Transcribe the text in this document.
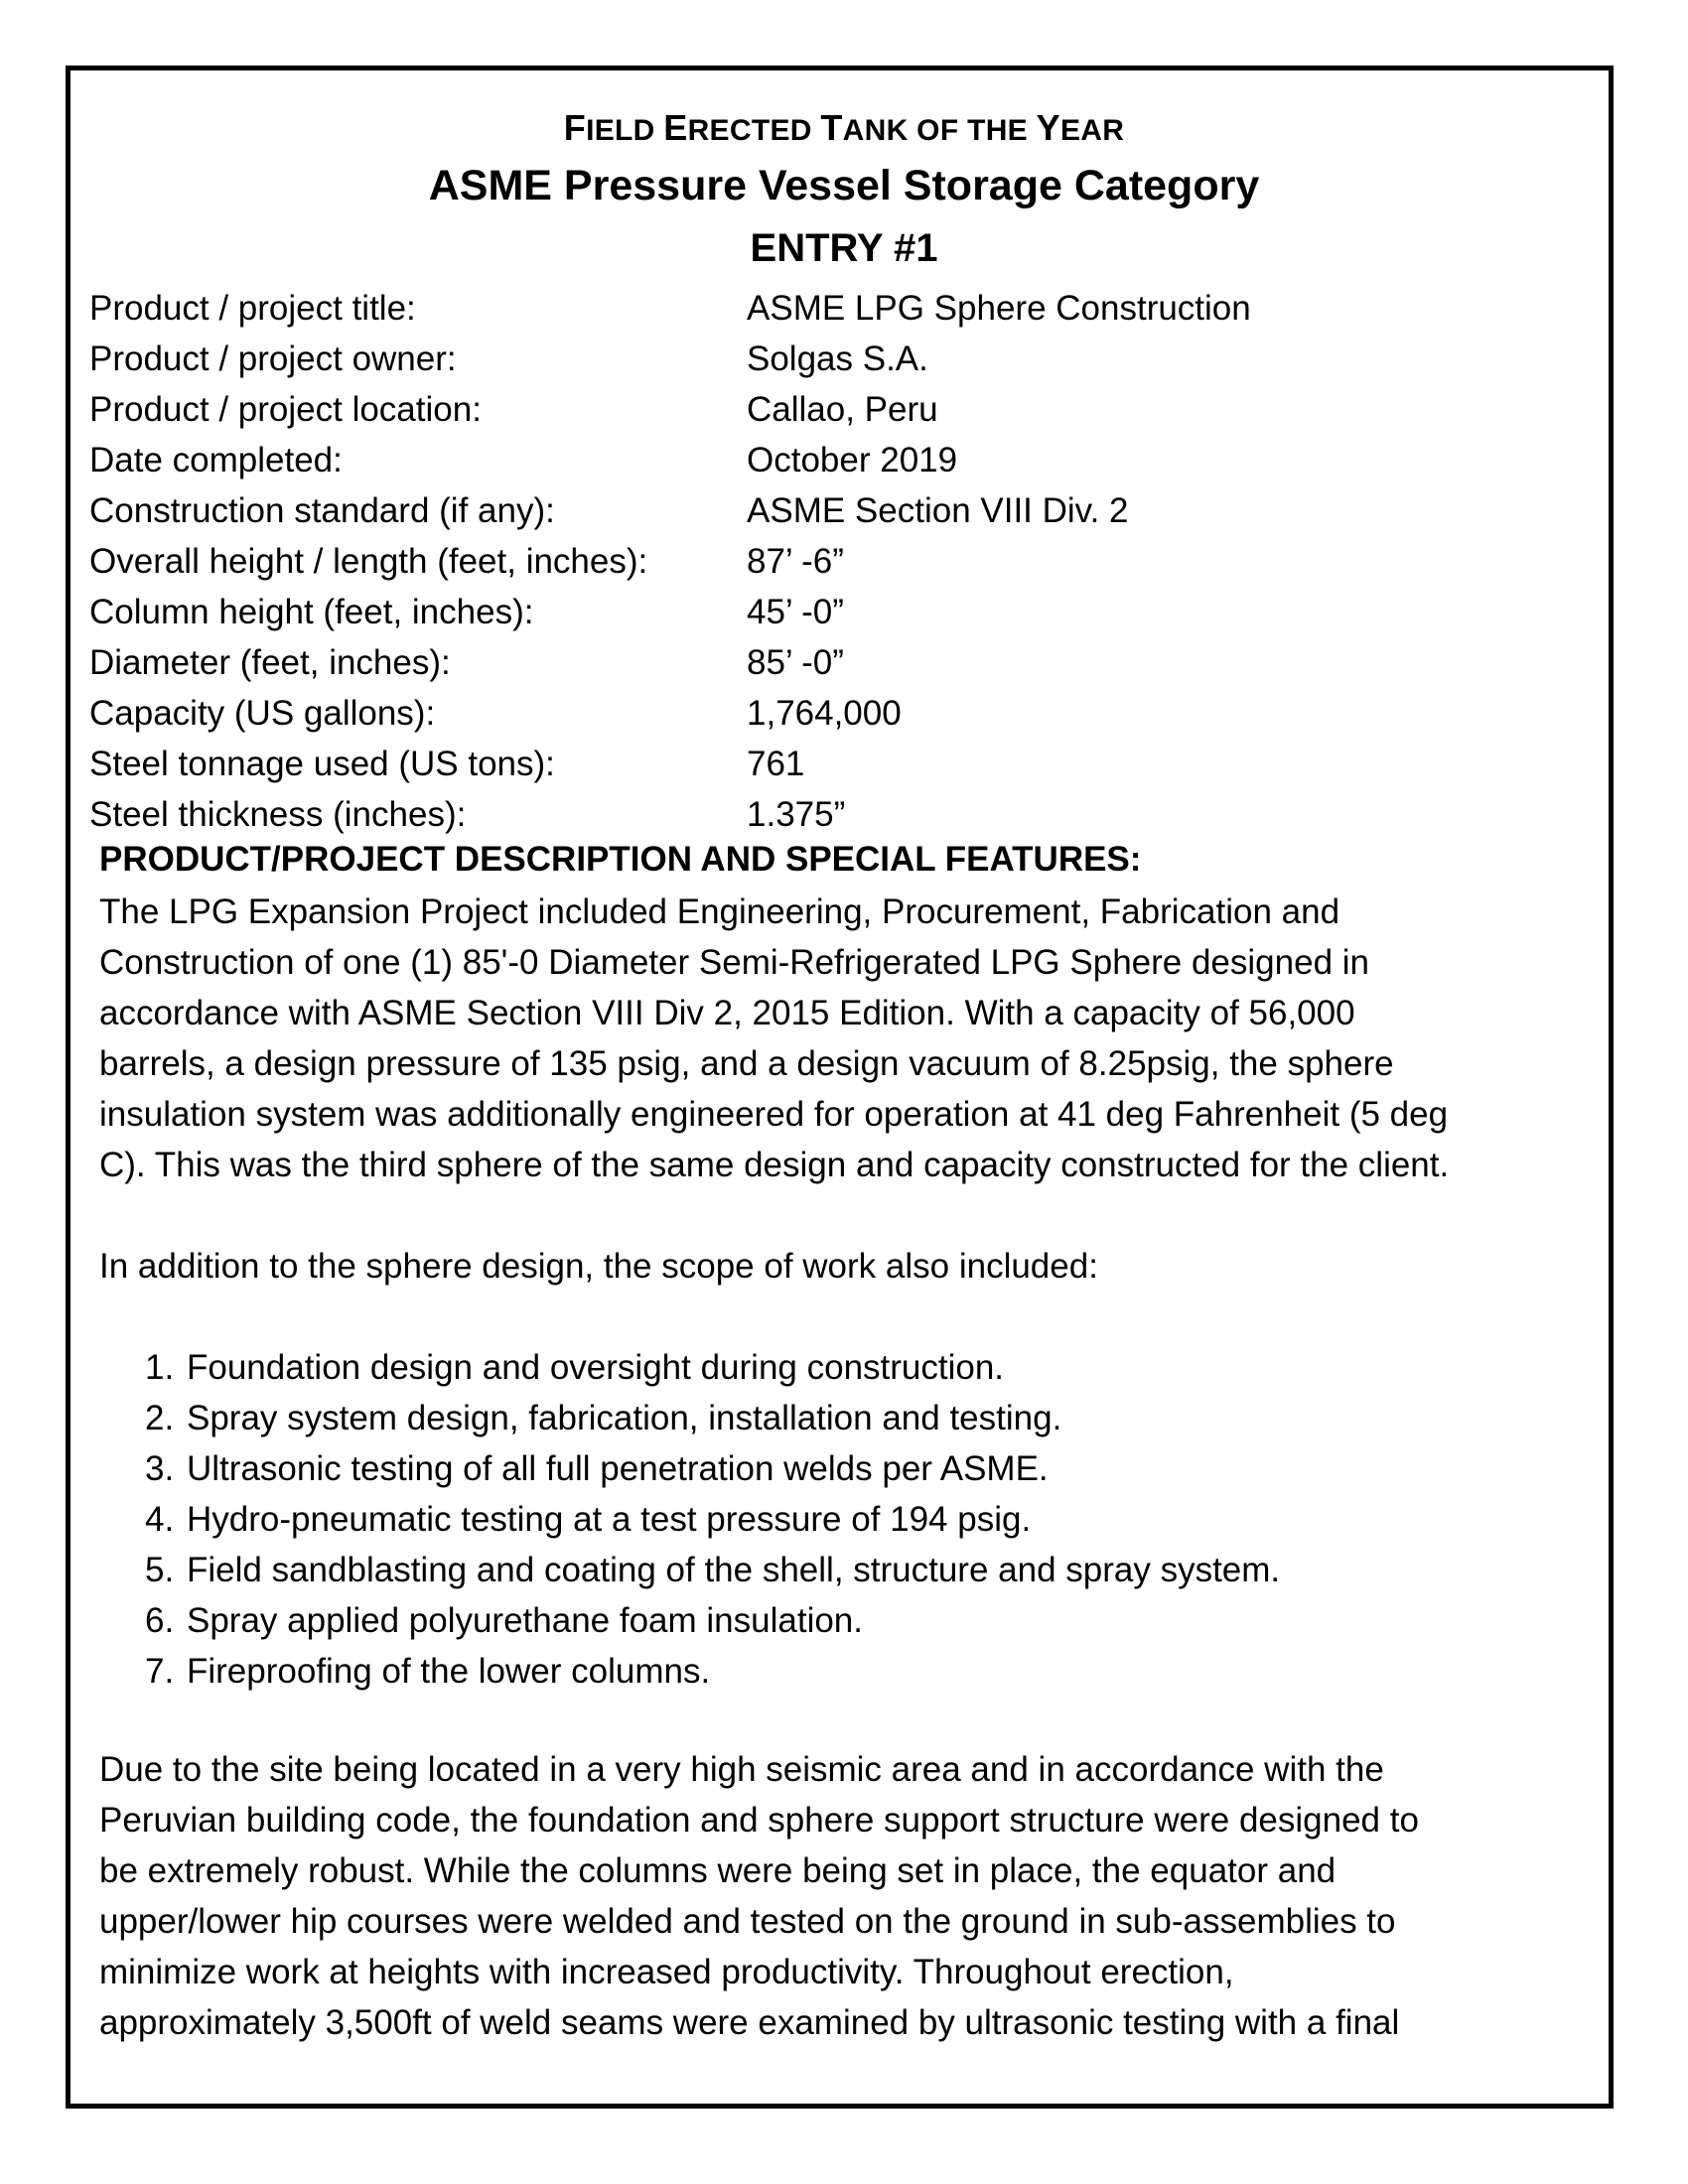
FIELD ERECTED TANK OF THE YEAR
ASME Pressure Vessel Storage Category
ENTRY #1
Product / project title:	ASME LPG Sphere Construction
Product / project owner:	Solgas S.A.
Product / project location:	Callao, Peru
Date completed:	October 2019
Construction standard (if any):	ASME Section VIII Div. 2
Overall height / length (feet, inches):	87’ -6”
Column height (feet, inches):	45’ -0”
Diameter (feet, inches):	85’ -0”
Capacity (US gallons):	1,764,000
Steel tonnage used (US tons):	761
Steel thickness (inches):	1.375”
PRODUCT/PROJECT DESCRIPTION AND SPECIAL FEATURES:
The LPG Expansion Project included Engineering, Procurement, Fabrication and
Construction of one (1) 85'-0 Diameter Semi-Refrigerated LPG Sphere designed in
accordance with ASME Section VIII Div 2, 2015 Edition. With a capacity of 56,000
barrels, a design pressure of 135 psig, and a design vacuum of 8.25psig, the sphere
insulation system was additionally engineered for operation at 41 deg Fahrenheit (5 deg
C). This was the third sphere of the same design and capacity constructed for the client.
In addition to the sphere design, the scope of work also included:
1. Foundation design and oversight during construction.
2. Spray system design, fabrication, installation and testing.
3. Ultrasonic testing of all full penetration welds per ASME.
4. Hydro-pneumatic testing at a test pressure of 194 psig.
5. Field sandblasting and coating of the shell, structure and spray system.
6. Spray applied polyurethane foam insulation.
7. Fireproofing of the lower columns.
Due to the site being located in a very high seismic area and in accordance with the
Peruvian building code, the foundation and sphere support structure were designed to
be extremely robust. While the columns were being set in place, the equator and
upper/lower hip courses were welded and tested on the ground in sub-assemblies to
minimize work at heights with increased productivity. Throughout erection,
approximately 3,500ft of weld seams were examined by ultrasonic testing with a final
